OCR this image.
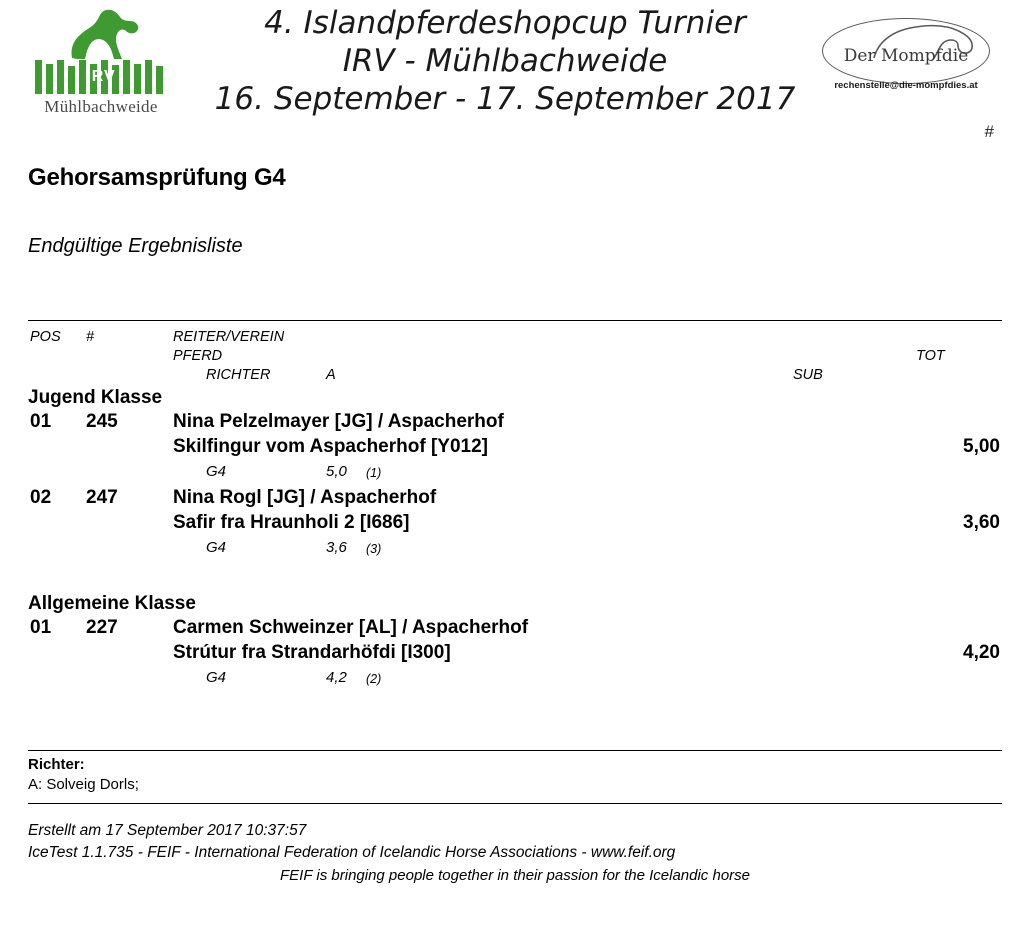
IRV
Mühlbachweide
4. Islandpferdeshopcup Turnier
IRV - Mühlbachweide
16. September - 17. September 2017
Der Mompfdie
rechenstelle@die-mompfdies.at
#
Gehorsamsprüfung G4
Endgültige Ergebnisliste
POS #	REITER/VEREIN
PFERD
RICHTER	A	SUB
TOT
Jugend Klasse
01 245	Nina Pelzelmayer [JG] / Aspacherhof
Skilfingur vom Aspacherhof [Y012]
G4	5,0 (1)
5,00
02 247	Nina Rogl [JG] / Aspacherhof
Safir fra Hraunholi 2 [I686]
G4	3,6 (3)
3,60
Allgemeine Klasse
01 227	Carmen Schweinzer [AL] / Aspacherhof
Strútur fra Strandarhöfdi [I300]
G4	4,2 (2)
4,20
Richter:
A: Solveig Dorls;
Erstellt am 17 September 2017 10:37:57
IceTest 1.1.735 - FEIF - International Federation of Icelandic Horse Associations - www.feif.org
FEIF is bringing people together in their passion for the Icelandic horse
